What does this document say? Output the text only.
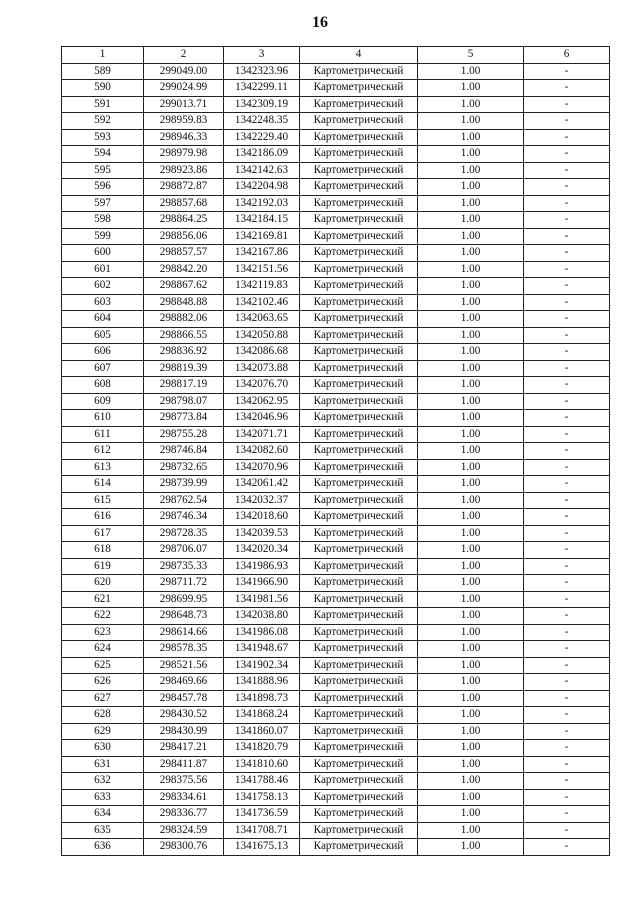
16
1	2	3	4	5	6
589	299049.00	1342323.96	Картометрический	1.00	-
590	299024.99	1342299.11	Картометрический	1.00	-
591	299013.71	1342309.19	Картометрический	1.00	-
592	298959.83	1342248.35	Картометрический	1.00	-
593	298946.33	1342229.40	Картометрический	1.00	-
594	298979.98	1342186.09	Картометрический	1.00	-
595	298923.86	1342142.63	Картометрический	1.00	-
596	298872.87	1342204.98	Картометрический	1.00	-
597	298857.68	1342192.03	Картометрический	1.00	-
598	298864.25	1342184.15	Картометрический	1.00	-
599	298856.06	1342169.81	Картометрический	1.00	-
600	298857.57	1342167.86	Картометрический	1.00	-
601	298842.20	1342151.56	Картометрический	1.00	-
602	298867.62	1342119.83	Картометрический	1.00	-
603	298848.88	1342102.46	Картометрический	1.00	-
604	298882.06	1342063.65	Картометрический	1.00	-
605	298866.55	1342050.88	Картометрический	1.00	-
606	298836.92	1342086.68	Картометрический	1.00	-
607	298819.39	1342073.88	Картометрический	1.00	-
608	298817.19	1342076.70	Картометрический	1.00	-
609	298798.07	1342062.95	Картометрический	1.00	-
610	298773.84	1342046.96	Картометрический	1.00	-
611	298755.28	1342071.71	Картометрический	1.00	-
612	298746.84	1342082.60	Картометрический	1.00	-
613	298732.65	1342070.96	Картометрический	1.00	-
614	298739.99	1342061.42	Картометрический	1.00	-
615	298762.54	1342032.37	Картометрический	1.00	-
616	298746.34	1342018.60	Картометрический	1.00	-
617	298728.35	1342039.53	Картометрический	1.00	-
618	298706.07	1342020.34	Картометрический	1.00	-
619	298735.33	1341986.93	Картометрический	1.00	-
620	298711.72	1341966.90	Картометрический	1.00	-
621	298699.95	1341981.56	Картометрический	1.00	-
622	298648.73	1342038.80	Картометрический	1.00	-
623	298614.66	1341986.08	Картометрический	1.00	-
624	298578.35	1341948.67	Картометрический	1.00	-
625	298521.56	1341902.34	Картометрический	1.00	-
626	298469.66	1341888.96	Картометрический	1.00	-
627	298457.78	1341898.73	Картометрический	1.00	-
628	298430.52	1341868.24	Картометрический	1.00	-
629	298430.99	1341860.07	Картометрический	1.00	-
630	298417.21	1341820.79	Картометрический	1.00	-
631	298411.87	1341810.60	Картометрический	1.00	-
632	298375.56	1341788.46	Картометрический	1.00	-
633	298334.61	1341758.13	Картометрический	1.00	-
634	298336.77	1341736.59	Картометрический	1.00	-
635	298324.59	1341708.71	Картометрический	1.00	-
636	298300.76	1341675.13	Картометрический	1.00	-
